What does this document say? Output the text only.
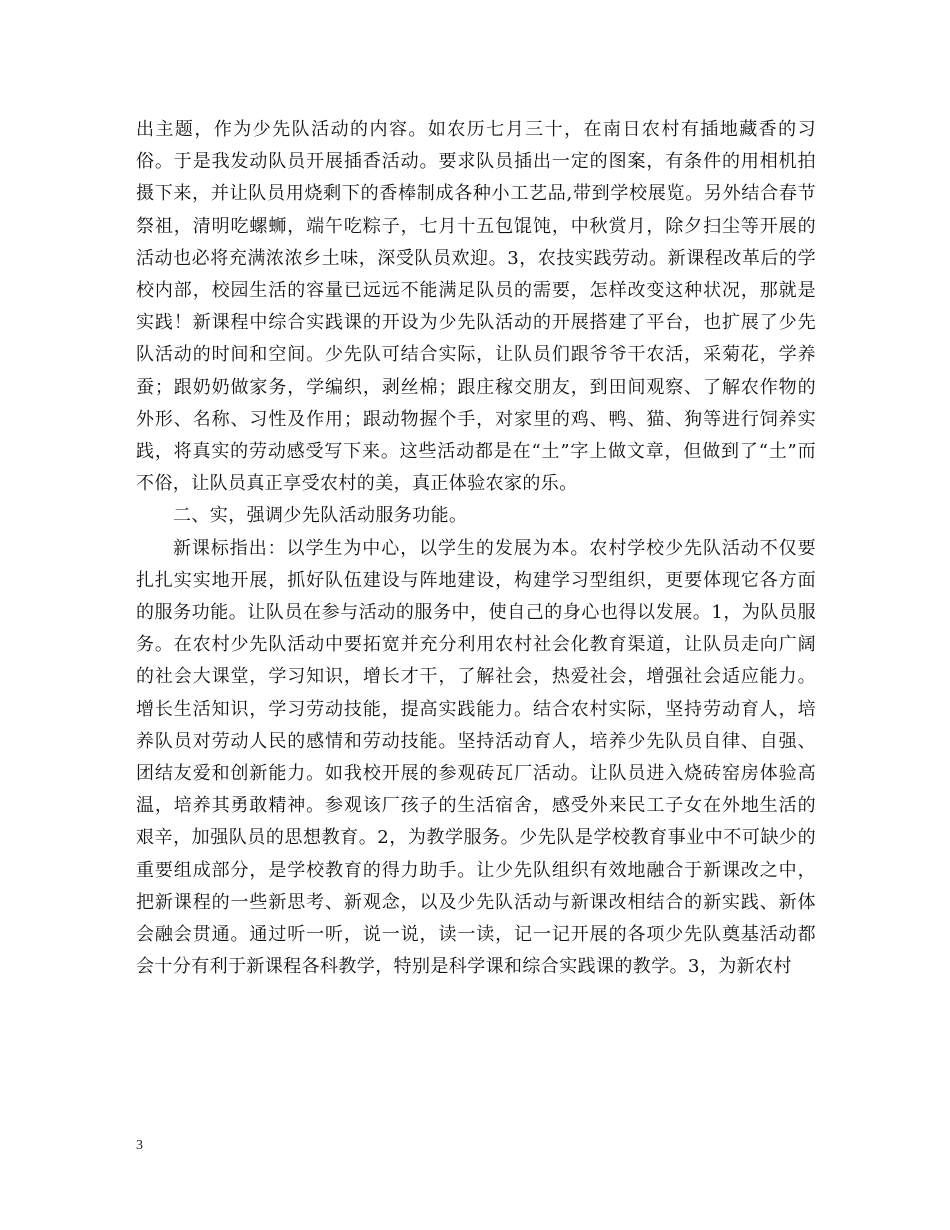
出主题，作为少先队活动的内容。如农历七月三十，在南日农村有插地藏香的习俗。于是我发动队员开展插香活动。要求队员插出一定的图案，有条件的用相机拍摄下来，并让队员用烧剩下的香棒制成各种小工艺品,带到学校展览。另外结合春节祭祖，清明吃螺蛳，端午吃粽子，七月十五包馄饨，中秋赏月，除夕扫尘等开展的活动也必将充满浓浓乡土味，深受队员欢迎。3，农技实践劳动。新课程改革后的学校内部，校园生活的容量已远远不能满足队员的需要，怎样改变这种状况，那就是实践！新课程中综合实践课的开设为少先队活动的开展搭建了平台，也扩展了少先队活动的时间和空间。少先队可结合实际，让队员们跟爷爷干农活，采菊花，学养蚕；跟奶奶做家务，学编织，剥丝棉；跟庄稼交朋友，到田间观察、了解农作物的外形、名称、习性及作用；跟动物握个手，对家里的鸡、鸭、猫、狗等进行饲养实践，将真实的劳动感受写下来。这些活动都是在“土”字上做文章，但做到了“土”而不俗，让队员真正享受农村的美，真正体验农家的乐。

二、实，强调少先队活动服务功能。

新课标指出：以学生为中心，以学生的发展为本。农村学校少先队活动不仅要扎扎实实地开展，抓好队伍建设与阵地建设，构建学习型组织，更要体现它各方面的服务功能。让队员在参与活动的服务中，使自己的身心也得以发展。1，为队员服务。在农村少先队活动中要拓宽并充分利用农村社会化教育渠道，让队员走向广阔的社会大课堂，学习知识，增长才干，了解社会，热爱社会，增强社会适应能力。增长生活知识，学习劳动技能，提高实践能力。结合农村实际，坚持劳动育人，培养队员对劳动人民的感情和劳动技能。坚持活动育人，培养少先队员自律、自强、团结友爱和创新能力。如我校开展的参观砖瓦厂活动。让队员进入烧砖窑房体验高温，培养其勇敢精神。参观该厂孩子的生活宿舍，感受外来民工子女在外地生活的艰辛，加强队员的思想教育。2，为教学服务。少先队是学校教育事业中不可缺少的重要组成部分，是学校教育的得力助手。让少先队组织有效地融合于新课改之中，把新课程的一些新思考、新观念，以及少先队活动与新课改相结合的新实践、新体会融会贯通。通过听一听，说一说，读一读，记一记开展的各项少先队奠基活动都会十分有利于新课程各科教学，特别是科学课和综合实践课的教学。3，为新农村

3
